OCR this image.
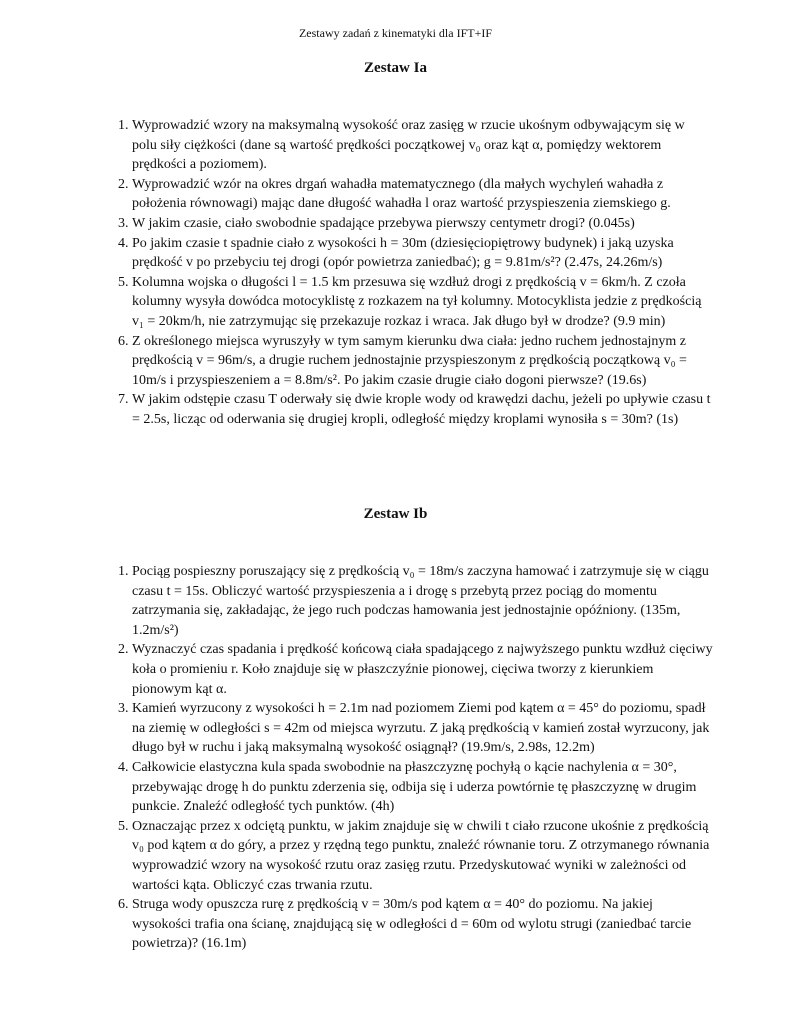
Zestawy zadań z kinematyki dla IFT+IF
Zestaw Ia
1. Wyprowadzić wzory na maksymalną wysokość oraz zasięg w rzucie ukośnym odbywającym się w polu siły ciężkości (dane są wartość prędkości początkowej v₀ oraz kąt α, pomiędzy wektorem prędkości a poziomem).
2. Wyprowadzić wzór na okres drgań wahadła matematycznego (dla małych wychyleń wahadła z położenia równowagi) mając dane długość wahadła l oraz wartość przyspieszenia ziemskiego g.
3. W jakim czasie, ciało swobodnie spadające przebywa pierwszy centymetr drogi? (0.045s)
4. Po jakim czasie t spadnie ciało z wysokości h = 30m (dziesięciopiętrowy budynek) i jaką uzyska prędkość v po przebyciu tej drogi (opór powietrza zaniedbać); g = 9.81m/s²? (2.47s, 24.26m/s)
5. Kolumna wojska o długości l = 1.5 km przesuwa się wzdłuż drogi z prędkością v = 6km/h. Z czoła kolumny wysyła dowódca motocyklistę z rozkazem na tył kolumny. Motocyklista jedzie z prędkością v₁ = 20km/h, nie zatrzymując się przekazuje rozkaz i wraca. Jak długo był w drodze? (9.9 min)
6. Z określonego miejsca wyruszyły w tym samym kierunku dwa ciała: jedno ruchem jednostajnym z prędkością v = 96m/s, a drugie ruchem jednostajnie przyspieszonym z prędkością początkową v₀ = 10m/s i przyspieszeniem a = 8.8m/s². Po jakim czasie drugie ciało dogoni pierwsze? (19.6s)
7. W jakim odstępie czasu T oderwały się dwie krople wody od krawędzi dachu, jeżeli po upływie czasu t = 2.5s, licząc od oderwania się drugiej kropli, odległość między kroplami wynosiła s = 30m? (1s)
Zestaw Ib
1. Pociąg pospieszny poruszający się z prędkością v₀ = 18m/s zaczyna hamować i zatrzymuje się w ciągu czasu t = 15s. Obliczyć wartość przyspieszenia a i drogę s przebytą przez pociąg do momentu zatrzymania się, zakładając, że jego ruch podczas hamowania jest jednostajnie opóźniony. (135m, 1.2m/s²)
2. Wyznaczyć czas spadania i prędkość końcową ciała spadającego z najwyższego punktu wzdłuż cięciwy koła o promieniu r. Koło znajduje się w płaszczyźnie pionowej, cięciwa tworzy z kierunkiem pionowym kąt α.
3. Kamień wyrzucony z wysokości h = 2.1m nad poziomem Ziemi pod kątem α = 45° do poziomu, spadł na ziemię w odległości s = 42m od miejsca wyrzutu. Z jaką prędkością v kamień został wyrzucony, jak długo był w ruchu i jaką maksymalną wysokość osiągnął? (19.9m/s, 2.98s, 12.2m)
4. Całkowicie elastyczna kula spada swobodnie na płaszczyznę pochyłą o kącie nachylenia α = 30°, przebywając drogę h do punktu zderzenia się, odbija się i uderza powtórnie tę płaszczyznę w drugim punkcie. Znaleźć odległość tych punktów. (4h)
5. Oznaczając przez x odciętą punktu, w jakim znajduje się w chwili t ciało rzucone ukośnie z prędkością v₀ pod kątem α do góry, a przez y rzędną tego punktu, znaleźć równanie toru. Z otrzymanego równania wyprowadzić wzory na wysokość rzutu oraz zasięg rzutu. Przedyskutować wyniki w zależności od wartości kąta. Obliczyć czas trwania rzutu.
6. Struga wody opuszcza rurę z prędkością v = 30m/s pod kątem α = 40° do poziomu. Na jakiej wysokości trafia ona ścianę, znajdującą się w odległości d = 60m od wylotu strugi (zaniedbać tarcie powietrza)? (16.1m)
